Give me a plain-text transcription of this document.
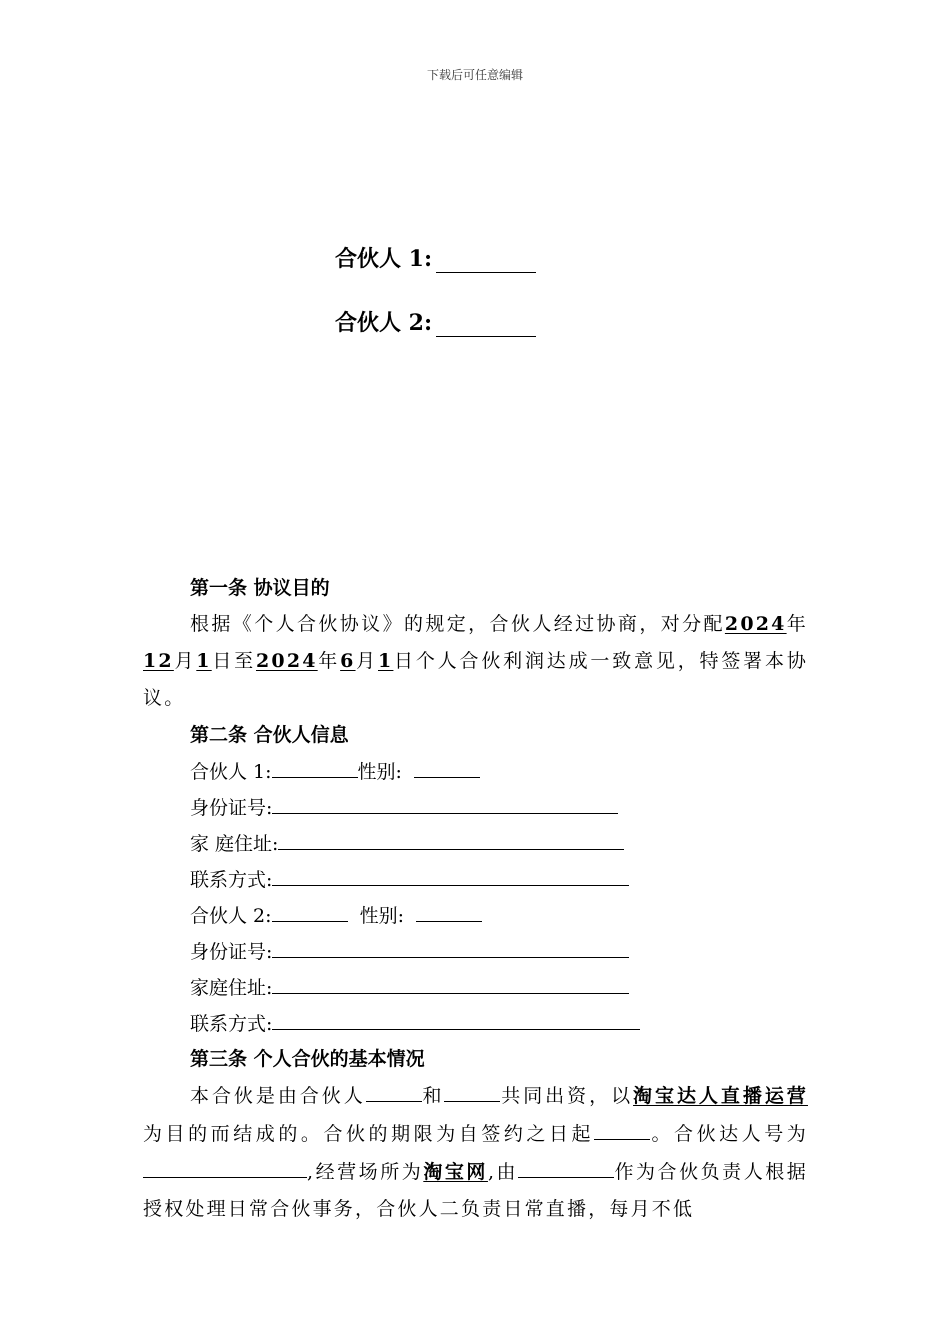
下载后可任意编辑
合伙人 1:
合伙人 2:

第一条 协议目的

根据《个人合伙协议》的规定，合伙人经过协商，对分配2024年12月1日至2024年6月1日个人合伙利润达成一致意见，特签署本协议。

第二条 合伙人信息

合伙人 1:	性别:

身份证号:

家 庭住址:

联系方式:

合伙人 2:	性别:

身份证号:

家庭住址:

联系方式:

第三条 个人合伙的基本情况

本合伙是由合伙人	和	共同出资，以淘宝达人直播运营为目的而结成的。合伙的期限为自签约之日起	。合伙达人号为,经营场所为淘宝网,由	作为合伙负责人根据授权处理日常合伙事务，合伙人二负责日常直播，每月不低
